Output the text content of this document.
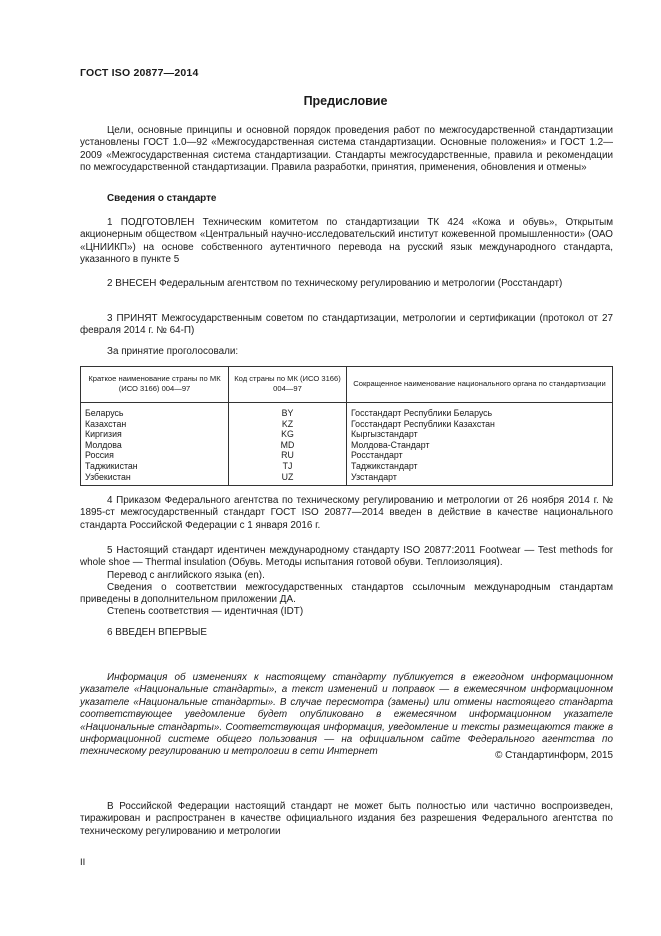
ГОСТ ISO 20877—2014
Предисловие

Цели, основные принципы и основной порядок проведения работ по межгосударственной стандартизации установлены ГОСТ 1.0—92 «Межгосударственная система стандартизации. Основные положения» и ГОСТ 1.2—2009 «Межгосударственная система стандартизации. Стандарты межгосударственные, правила и рекомендации по межгосударственной стандартизации. Правила разработки, принятия, применения, обновления и отмены»

Сведения о стандарте

1 ПОДГОТОВЛЕН Техническим комитетом по стандартизации ТК 424 «Кожа и обувь», Открытым акционерным обществом «Центральный научно-исследовательский институт кожевенной промышленности» (ОАО «ЦНИИКП») на основе собственного аутентичного перевода на русский язык международного стандарта, указанного в пункте 5

2 ВНЕСЕН Федеральным агентством по техническому регулированию и метрологии (Росстандарт)

3 ПРИНЯТ Межгосударственным советом по стандартизации, метрологии и сертификации (протокол от 27 февраля 2014 г. № 64-П)

За принятие проголосовали:

Краткое наименование страны по МК (ИСО 3166) 004—97	Код страны по МК (ИСО 3166) 004—97	Сокращенное наименование национального органа по стандартизации
Беларусь	BY	Госстандарт Республики Беларусь
Казахстан	KZ	Госстандарт Республики Казахстан
Киргизия	KG	Кыргызстандарт
Молдова	MD	Молдова-Стандарт
Россия	RU	Росстандарт
Таджикистан	TJ	Таджикстандарт
Узбекистан	UZ	Узстандарт

4 Приказом Федерального агентства по техническому регулированию и метрологии от 26 ноября 2014 г. № 1895-ст межгосударственный стандарт ГОСТ ISO 20877—2014 введен в действие в качестве национального стандарта Российской Федерации с 1 января 2016 г.

5 Настоящий стандарт идентичен международному стандарту ISO 20877:2011 Footwear — Test methods for whole shoe — Thermal insulation (Обувь. Методы испытания готовой обуви. Теплоизоляция).

Перевод с английского языка (en).

Сведения о соответствии межгосударственных стандартов ссылочным международным стандартам приведены в дополнительном приложении ДА.

Степень соответствия — идентичная (IDT)

6 ВВЕДЕН ВПЕРВЫЕ

Информация об изменениях к настоящему стандарту публикуется в ежегодном информационном указателе «Национальные стандарты», а текст изменений и поправок — в ежемесячном информационном указателе «Национальные стандарты». В случае пересмотра (замены) или отмены настоящего стандарта соответствующее уведомление будет опубликовано в ежемесячном информационном указателе «Национальные стандарты». Соответствующая информация, уведомление и тексты размещаются также в информационной системе общего пользования — на официальном сайте Федерального агентства по техническому регулированию и метрологии в сети Интернет	© Стандартинформ, 2015

В Российской Федерации настоящий стандарт не может быть полностью или частично воспроизведен, тиражирован и распространен в качестве официального издания без разрешения Федерального агентства по техническому регулированию и метрологии

II
